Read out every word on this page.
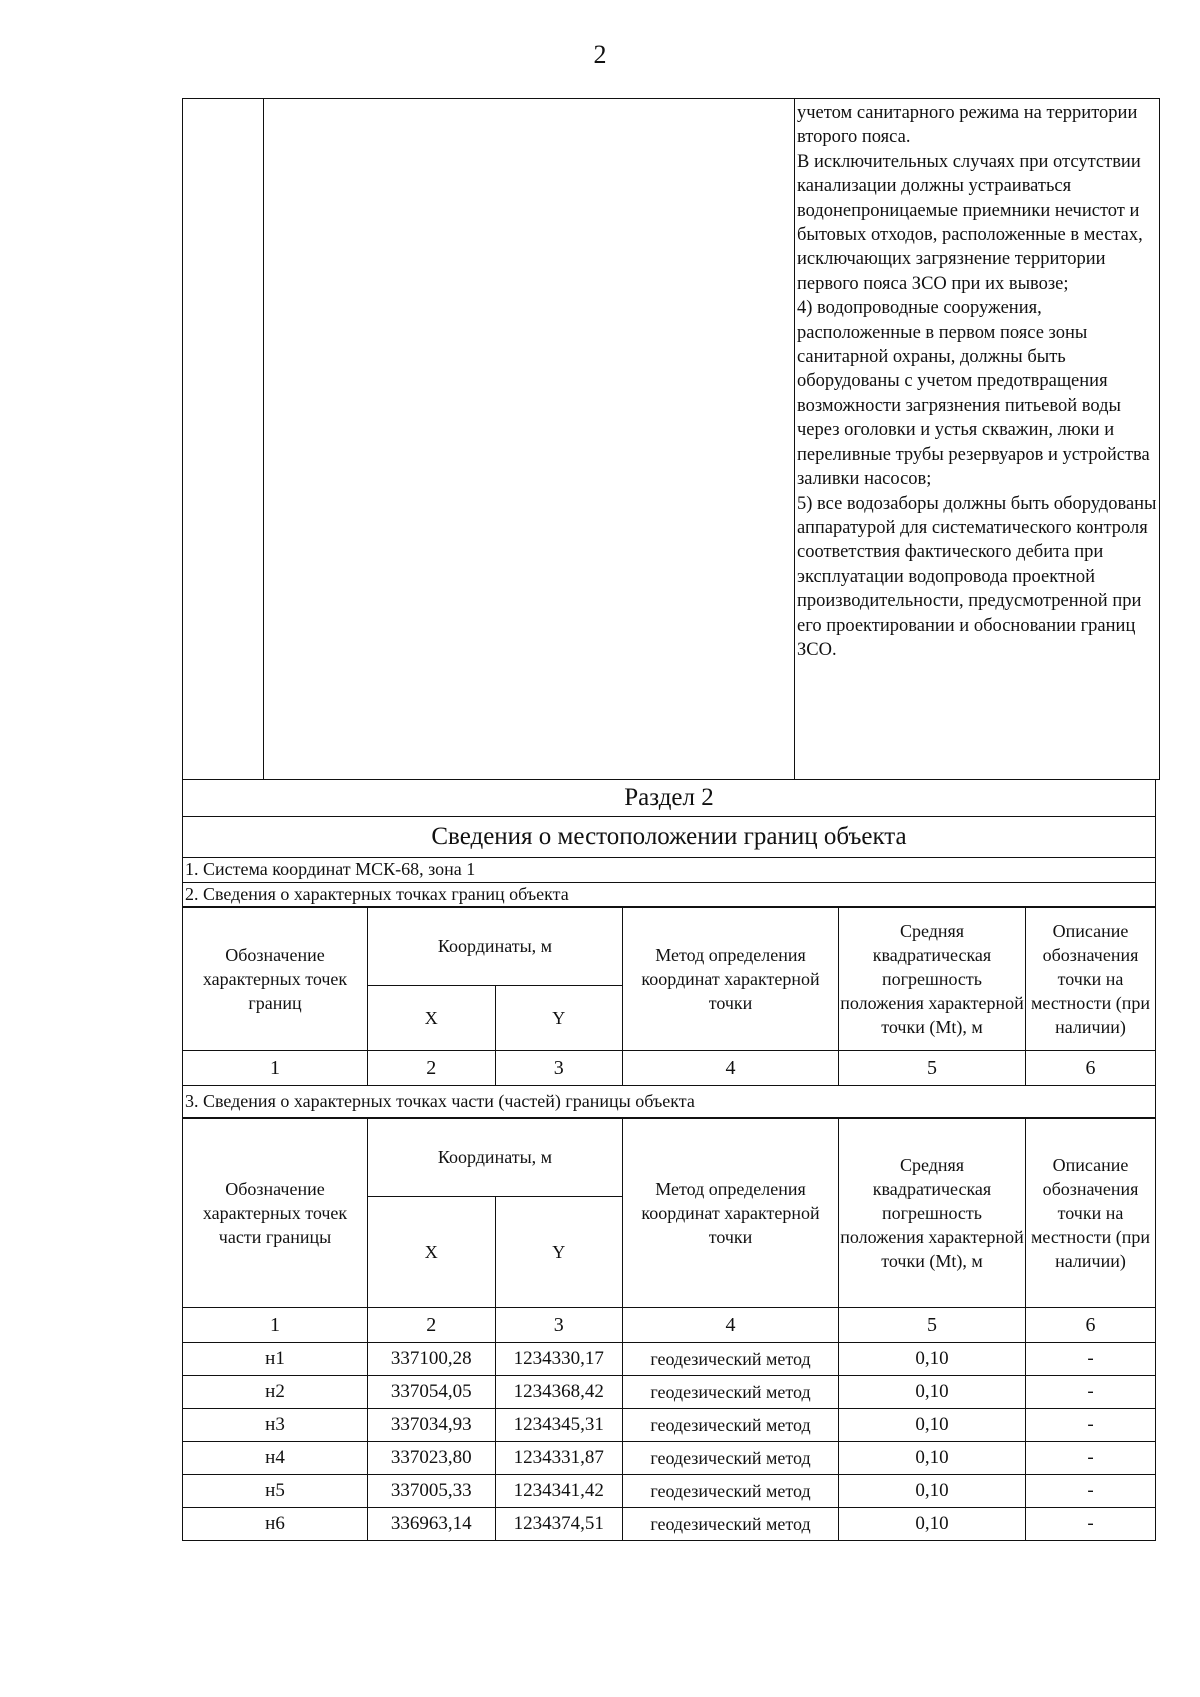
2

учетом санитарного режима на территории второго пояса.
В исключительных случаях при отсутствии канализации должны устраиваться водонепроницаемые приемники нечистот и бытовых отходов, расположенные в местах, исключающих загрязнение территории первого пояса ЗСО при их вывозе;
4) водопроводные сооружения, расположенные в первом поясе зоны санитарной охраны, должны быть оборудованы с учетом предотвращения возможности загрязнения питьевой воды через оголовки и устья скважин, люки и переливные трубы резервуаров и устройства заливки насосов;
5) все водозаборы должны быть оборудованы аппаратурой для систематического контроля соответствия фактического дебита при эксплуатации водопровода проектной производительности, предусмотренной при его проектировании и обосновании границ ЗСО.
Раздел 2
Сведения о местоположении границ объекта
1. Система координат МСК-68, зона 1
2. Сведения о характерных точках границ объекта
Обозначение характерных точек границ	Координаты, м		Метод определения координат характерной точки	Средняя квадратическая погрешность положения характерной точки (Mt), м	Описание обозначения точки на местности (при наличии)
	X	Y			
1	2	3	4	5	6
3. Сведения о характерных точках части (частей) границы объекта
Обозначение характерных точек части границы	Координаты, м		Метод определения координат характерной точки	Средняя квадратическая погрешность положения характерной точки (Mt), м	Описание обозначения точки на местности (при наличии)
	X	Y			
1	2	3	4	5	6
н1	337100,28	1234330,17	геодезический метод	0,10	-
н2	337054,05	1234368,42	геодезический метод	0,10	-
н3	337034,93	1234345,31	геодезический метод	0,10	-
н4	337023,80	1234331,87	геодезический метод	0,10	-
н5	337005,33	1234341,42	геодезический метод	0,10	-
н6	336963,14	1234374,51	геодезический метод	0,10	-
